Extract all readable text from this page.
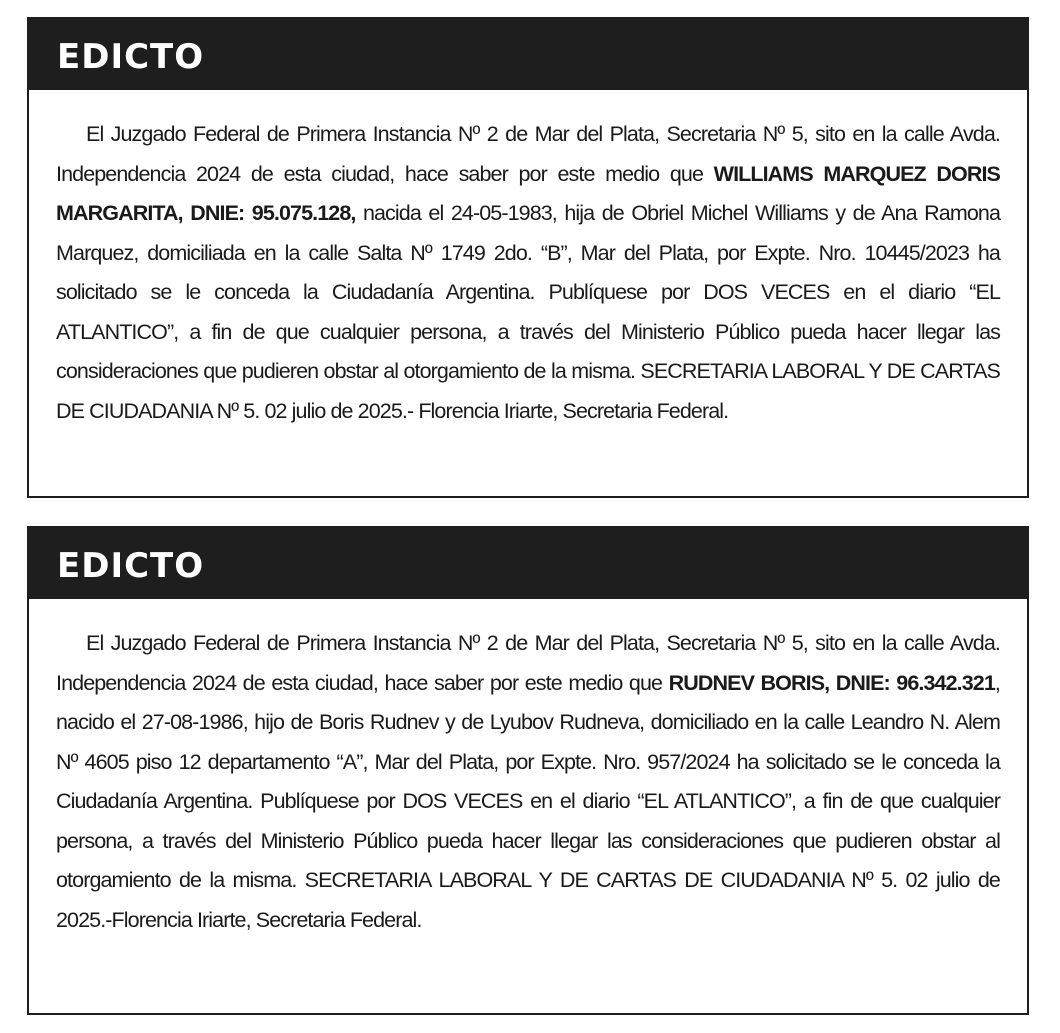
EDICTO

El Juzgado Federal de Primera Instancia Nº 2 de Mar del Plata, Secretaria Nº 5, sito en la calle Avda. Independencia 2024 de esta ciudad, hace saber por este medio que WILLIAMS MARQUEZ DORIS MARGARITA, DNIE: 95.075.128, nacida el 24-05-1983, hija de Obriel Michel Williams y de Ana Ramona Marquez, domiciliada en la calle Salta Nº 1749 2do. “B”, Mar del Plata, por Expte. Nro. 10445/2023 ha solicitado se le conceda la Ciudadanía Argentina. Publíquese por DOS VECES en el diario “EL ATLANTICO”, a fin de que cualquier persona, a través del Ministerio Público pueda hacer llegar las consideraciones que pudieren obstar al otorgamiento de la misma. SECRETARIA LABORAL Y DE CARTAS DE CIUDADANIA Nº 5. 02 julio de 2025.- Florencia Iriarte, Secretaria Federal.

EDICTO

El Juzgado Federal de Primera Instancia Nº 2 de Mar del Plata, Secretaria Nº 5, sito en la calle Avda. Independencia 2024 de esta ciudad, hace saber por este medio que RUDNEV BORIS, DNIE: 96.342.321, nacido el 27-08-1986, hijo de Boris Rudnev y de Lyubov Rudneva, domiciliado en la calle Leandro N. Alem Nº 4605 piso 12 departamento “A”, Mar del Plata, por Expte. Nro. 957/2024 ha solicitado se le conceda la Ciudadanía Argentina. Publíquese por DOS VECES en el diario “EL ATLANTICO”, a fin de que cualquier persona, a través del Ministerio Público pueda hacer llegar las consideraciones que pudieren obstar al otorgamiento de la misma. SECRETARIA LABORAL Y DE CARTAS DE CIUDADANIA Nº 5. 02 julio de 2025.-Florencia Iriarte, Secretaria Federal.
